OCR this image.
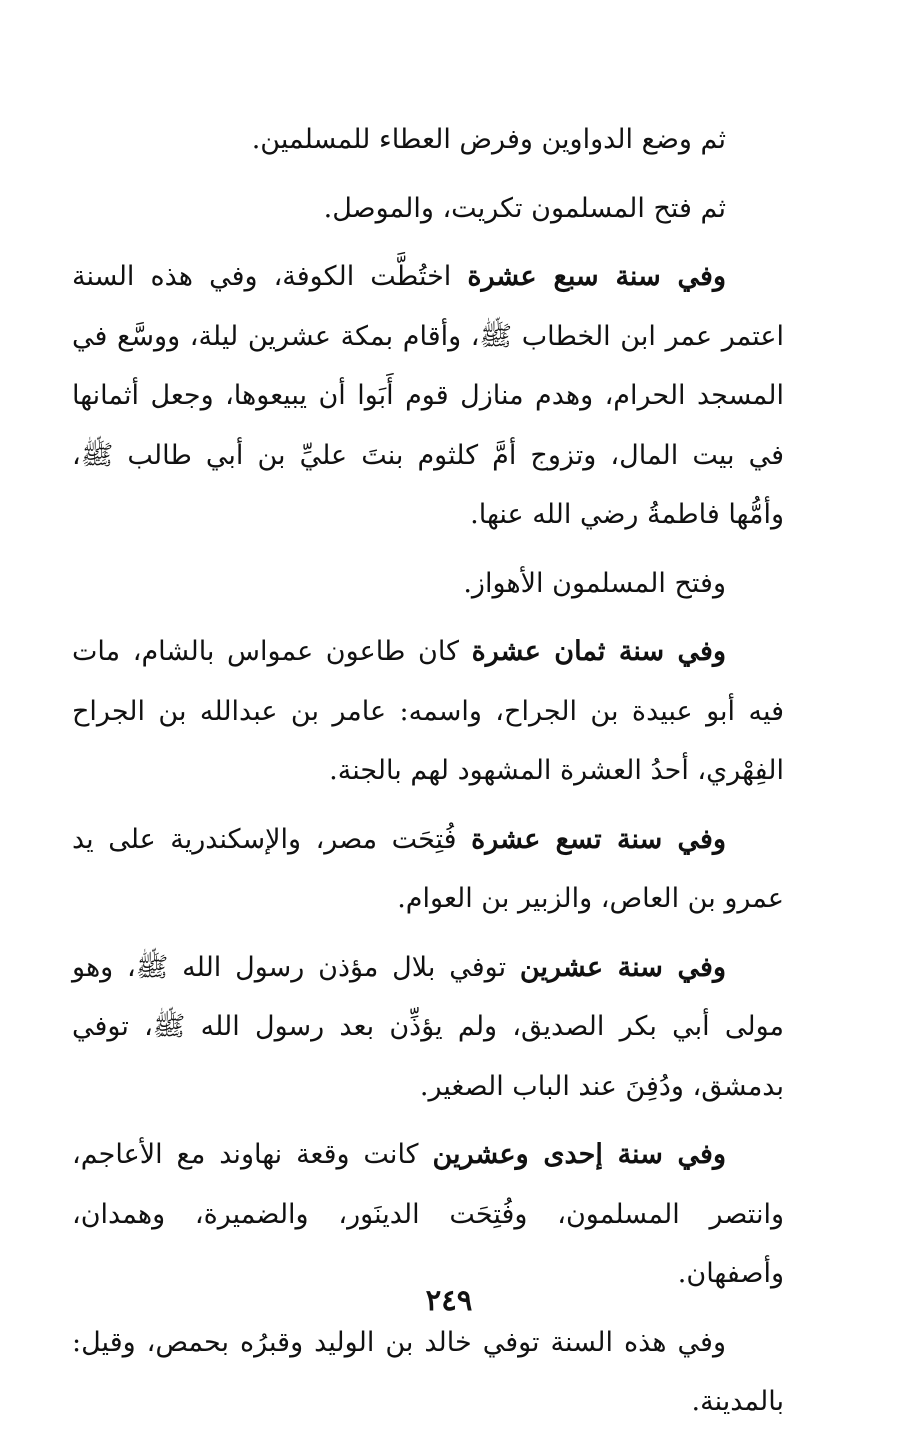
ثم وضع الدواوين وفرض العطاء للمسلمين.

ثم فتح المسلمون تكريت، والموصل.

وفي سنة سبع عشرة اختُطَّت الكوفة، وفي هذه السنة اعتمر عمر ابن الخطاب ﷺ، وأقام بمكة عشرين ليلة، ووسَّع في المسجد الحرام، وهدم منازل قوم أَبَوا أن يبيعوها، وجعل أثمانها في بيت المال، وتزوج أمَّ كلثوم بنتَ عليِّ بن أبي طالب ﷺ، وأمُّها فاطمةُ رضي الله عنها.

وفتح المسلمون الأهواز.

وفي سنة ثمان عشرة كان طاعون عمواس بالشام، مات فيه أبو عبيدة بن الجراح، واسمه: عامر بن عبدالله بن الجراح الفِهْري، أحدُ العشرة المشهود لهم بالجنة.

وفي سنة تسع عشرة فُتِحَت مصر، والإسكندرية على يد عمرو بن العاص، والزبير بن العوام.

وفي سنة عشرين توفي بلال مؤذن رسول الله ﷺ، وهو مولى أبي بكر الصديق، ولم يؤذِّن بعد رسول الله ﷺ، توفي بدمشق، ودُفِنَ عند الباب الصغير.

وفي سنة إحدى وعشرين كانت وقعة نهاوند مع الأعاجم، وانتصر المسلمون، وفُتِحَت الدينَور، والضميرة، وهمدان، وأصفهان.

وفي هذه السنة توفي خالد بن الوليد وقبرُه بحمص، وقيل: بالمدينة.

٢٤٩
